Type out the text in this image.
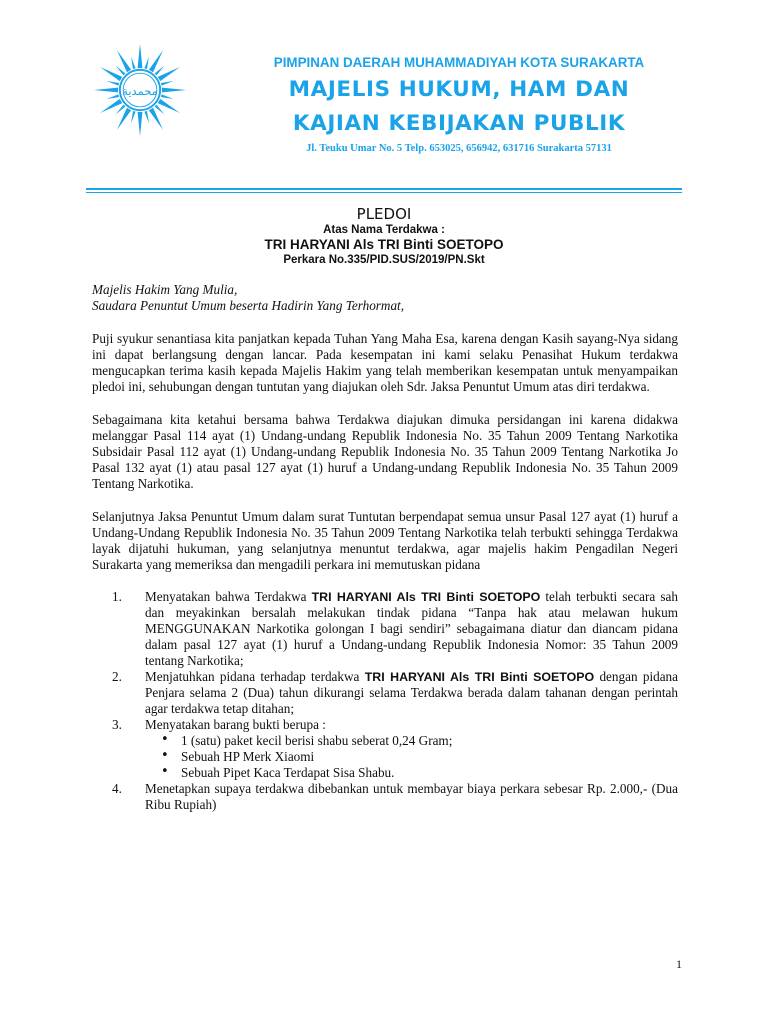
محمدية
PIMPINAN DAERAH MUHAMMADIYAH KOTA SURAKARTA
MAJELIS HUKUM, HAM DAN
KAJIAN KEBIJAKAN PUBLIK
Jl. Teuku Umar No. 5 Telp. 653025, 656942, 631716 Surakarta 57131
PLEDOI
Atas Nama Terdakwa :
TRI HARYANI Als TRI Binti SOETOPO
Perkara No.335/PID.SUS/2019/PN.Skt

Majelis Hakim Yang Mulia,

Saudara Penuntut Umum beserta Hadirin Yang Terhormat,

Puji syukur senantiasa kita panjatkan kepada Tuhan Yang Maha Esa, karena dengan Kasih sayang-Nya sidang ini dapat berlangsung dengan lancar. Pada kesempatan ini kami selaku Penasihat Hukum terdakwa mengucapkan terima kasih kepada Majelis Hakim yang telah memberikan kesempatan untuk menyampaikan pledoi ini, sehubungan dengan tuntutan yang diajukan oleh Sdr. Jaksa Penuntut Umum atas diri terdakwa.

Sebagaimana kita ketahui bersama bahwa Terdakwa diajukan dimuka persidangan ini karena didakwa melanggar Pasal 114 ayat (1) Undang-undang Republik Indonesia No. 35 Tahun 2009 Tentang Narkotika Subsidair Pasal 112 ayat (1) Undang-undang Republik Indonesia No. 35 Tahun 2009 Tentang Narkotika Jo Pasal 132 ayat (1) atau pasal 127 ayat (1) huruf a Undang-undang Republik Indonesia No. 35 Tahun 2009 Tentang Narkotika.

Selanjutnya Jaksa Penuntut Umum dalam surat Tuntutan berpendapat semua unsur Pasal 127 ayat (1) huruf a Undang-Undang Republik Indonesia No. 35 Tahun 2009 Tentang Narkotika telah terbukti sehingga Terdakwa layak dijatuhi hukuman, yang selanjutnya menuntut terdakwa, agar majelis hakim Pengadilan Negeri Surakarta yang memeriksa dan mengadili perkara ini memutuskan pidana

1. Menyatakan bahwa Terdakwa TRI HARYANI Als TRI Binti SOETOPO telah terbukti secara sah dan meyakinkan bersalah melakukan tindak pidana “Tanpa hak atau melawan hukum MENGGUNAKAN Narkotika golongan I bagi sendiri” sebagaimana diatur dan diancam pidana dalam pasal 127 ayat (1) huruf a Undang-undang Republik Indonesia Nomor: 35 Tahun 2009 tentang Narkotika;
2. Menjatuhkan pidana terhadap terdakwa TRI HARYANI Als TRI Binti SOETOPO dengan pidana Penjara selama 2 (Dua) tahun dikurangi selama Terdakwa berada dalam tahanan dengan perintah agar terdakwa tetap ditahan;
3. Menyatakan barang bukti berupa :
• 1 (satu) paket kecil berisi shabu seberat 0,24 Gram;
• Sebuah HP Merk Xiaomi
• Sebuah Pipet Kaca Terdapat Sisa Shabu.
4. Menetapkan supaya terdakwa dibebankan untuk membayar biaya perkara sebesar Rp. 2.000,- (Dua Ribu Rupiah)
1
